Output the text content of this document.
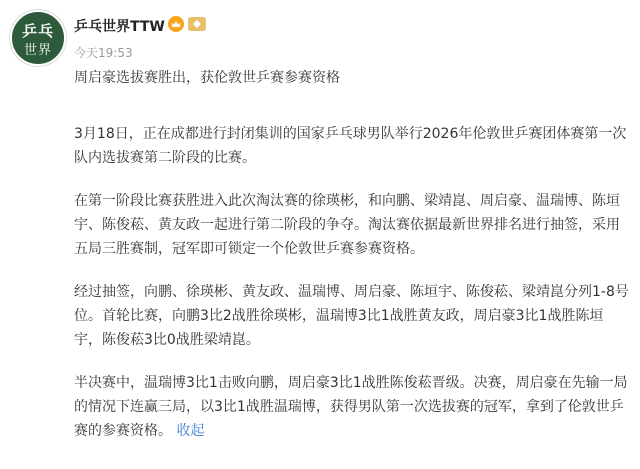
乒乓
世界
乒乓世界TTW
今天19:53

周启豪选拔赛胜出，获伦敦世乒赛参赛资格

3月18日，正在成都进行封闭集训的国家乒乓球男队举行2026年伦敦世乒赛团体赛第一次队内选拔赛第二阶段的比赛。

在第一阶段比赛获胜进入此次淘汰赛的徐瑛彬，和向鹏、梁靖崑、周启豪、温瑞博、陈垣宇、陈俊菘、黄友政一起进行第二阶段的争夺。淘汰赛依据最新世界排名进行抽签，采用五局三胜赛制，冠军即可锁定一个伦敦世乒赛参赛资格。

经过抽签，向鹏、徐瑛彬、黄友政、温瑞博、周启豪、陈垣宇、陈俊菘、梁靖崑分列1-8号位。首轮比赛，向鹏3比2战胜徐瑛彬，温瑞博3比1战胜黄友政，周启豪3比1战胜陈垣宇，陈俊菘3比0战胜梁靖崑。

半决赛中，温瑞博3比1击败向鹏，周启豪3比1战胜陈俊菘晋级。决赛，周启豪在先输一局的情况下连赢三局，以3比1战胜温瑞博，获得男队第一次选拔赛的冠军，拿到了伦敦世乒赛的参赛资格。 收起
